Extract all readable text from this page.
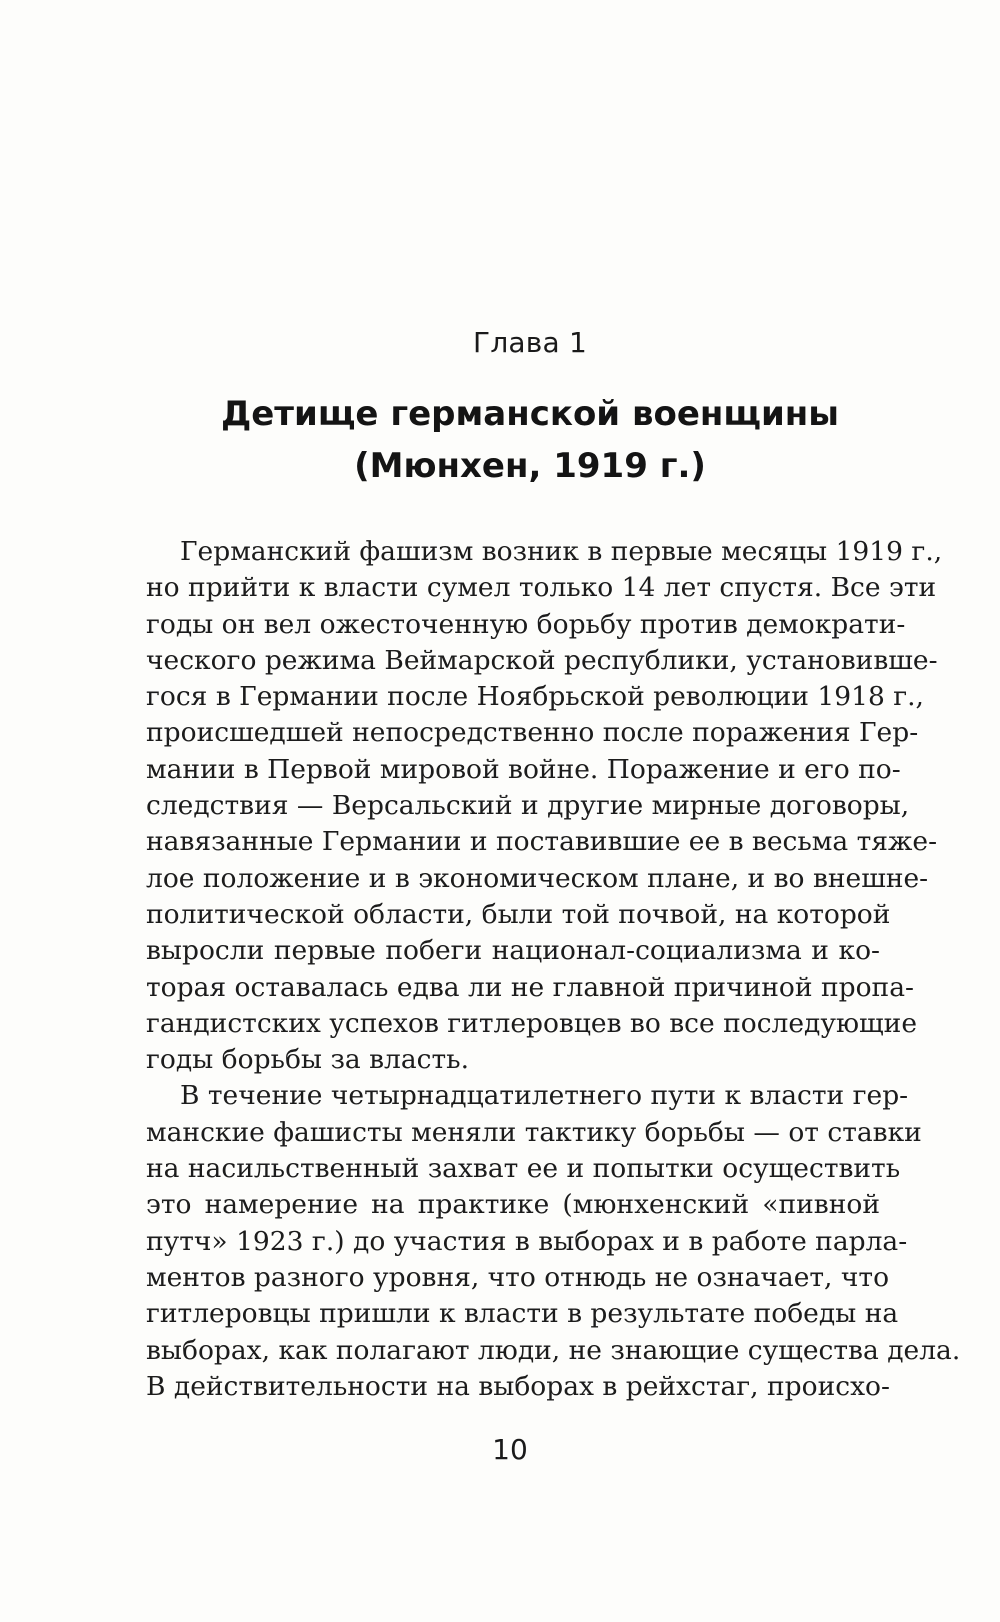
Глава 1
Детище германской военщины
(Мюнхен, 1919 г.)
Германский фашизм возник в первые месяцы 1919 г.,
но прийти к власти сумел только 14 лет спустя. Все эти
годы он вел ожесточенную борьбу против демократи-
ческого режима Веймарской республики, установивше-
гося в Германии после Ноябрьской революции 1918 г.,
происшедшей непосредственно после поражения Гер-
мании в Первой мировой войне. Поражение и его по-
следствия — Версальский и другие мирные договоры,
навязанные Германии и поставившие ее в весьма тяже-
лое положение и в экономическом плане, и во внешне-
политической области, были той почвой, на которой
выросли первые побеги национал-социализма и ко-
торая оставалась едва ли не главной причиной пропа-
гандистских успехов гитлеровцев во все последующие
годы борьбы за власть.
В течение четырнадцатилетнего пути к власти гер-
манские фашисты меняли тактику борьбы — от ставки
на насильственный захват ее и попытки осуществить
это намерение на практике (мюнхенский «пивной
путч» 1923 г.) до участия в выборах и в работе парла-
ментов разного уровня, что отнюдь не означает, что
гитлеровцы пришли к власти в результате победы на
выборах, как полагают люди, не знающие существа дела.
В действительности на выборах в рейхстаг, происхо-
10
